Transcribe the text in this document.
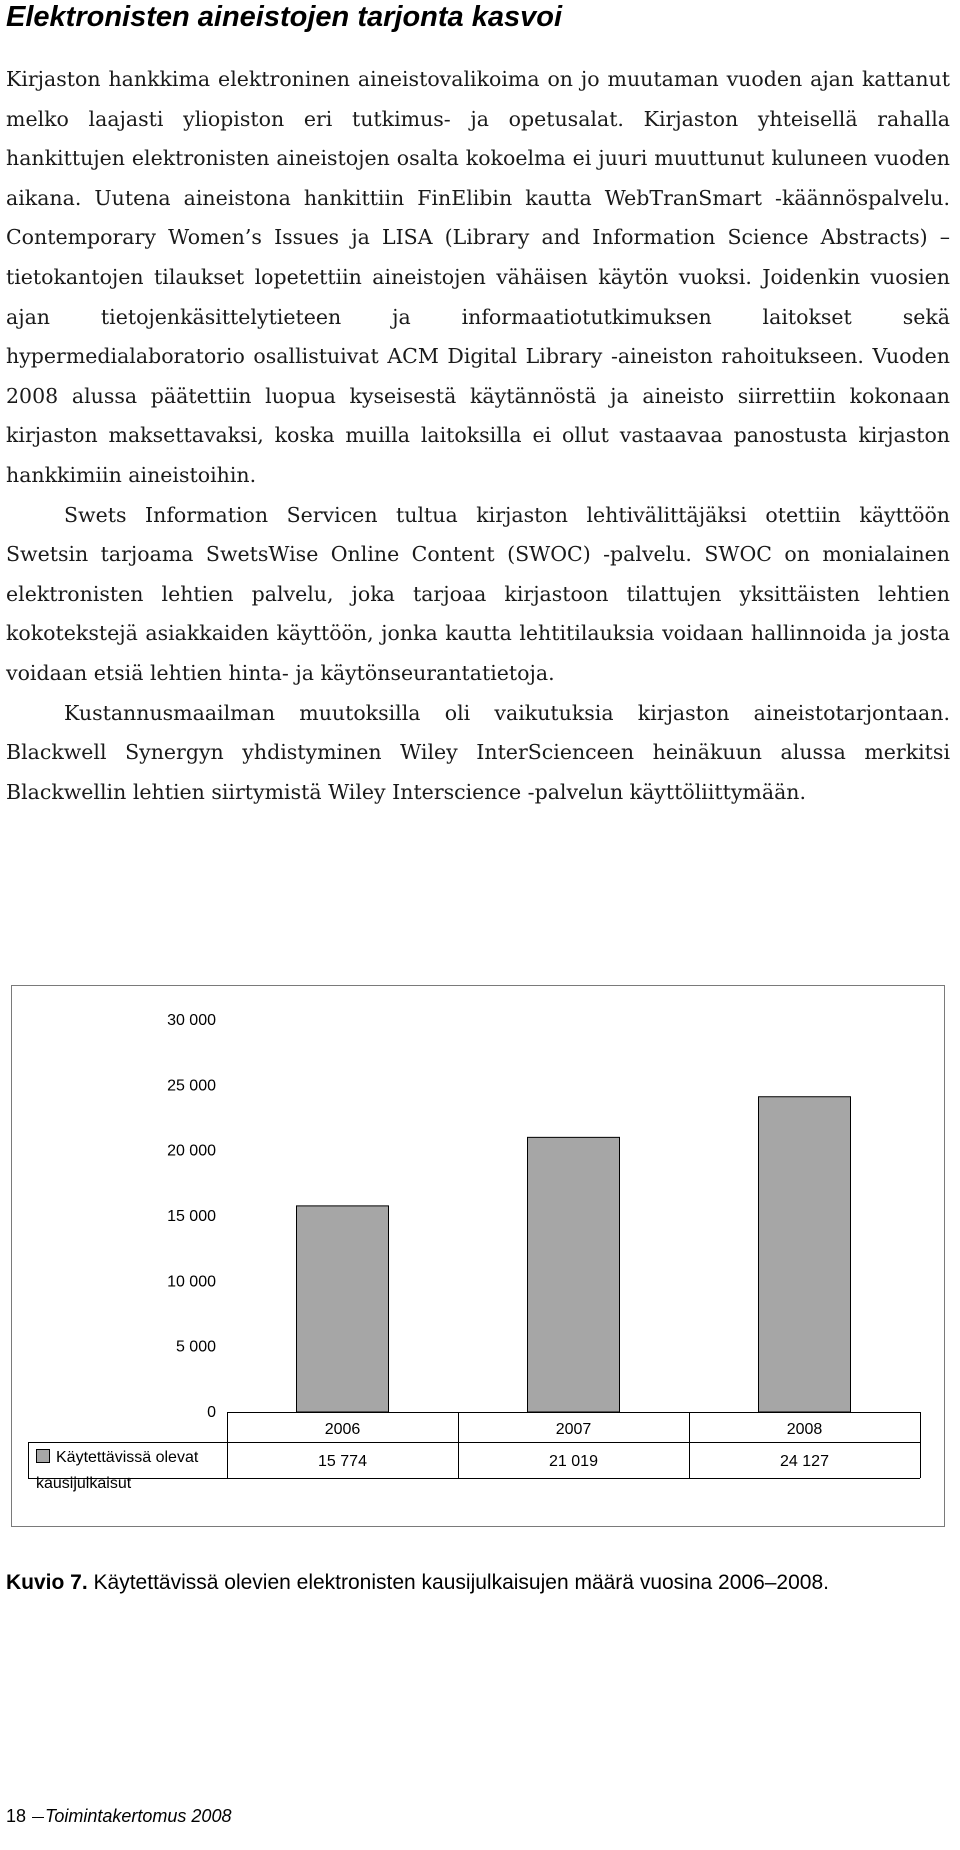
Elektronisten aineistojen tarjonta kasvoi

Kirjaston hankkima elektroninen aineistovalikoima on jo muutaman vuoden ajan kattanut melko laajasti yliopiston eri tutkimus- ja opetusalat. Kirjaston yhteisellä rahalla hankittujen elektronisten aineistojen osalta kokoelma ei juuri muuttunut kuluneen vuoden aikana. Uutena aineistona hankittiin FinElibin kautta WebTranSmart -käännöspalvelu. Contemporary Women’s Issues ja LISA (Library and Information Science Abstracts) – tietokantojen tilaukset lopetettiin aineistojen vähäisen käytön vuoksi. Joidenkin vuosien ajan tietojenkäsittelytieteen ja informaatiotutkimuksen laitokset sekä hypermedialaboratorio osallistuivat ACM Digital Library -aineiston rahoitukseen. Vuoden 2008 alussa päätettiin luopua kyseisestä käytännöstä ja aineisto siirrettiin kokonaan kirjaston maksettavaksi, koska muilla laitoksilla ei ollut vastaavaa panostusta kirjaston hankkimiin aineistoihin.

Swets Information Servicen tultua kirjaston lehtivälittäjäksi otettiin käyttöön Swetsin tarjoama SwetsWise Online Content (SWOC) -palvelu. SWOC on monialainen elektronisten lehtien palvelu, joka tarjoaa kirjastoon tilattujen yksittäisten lehtien kokotekstejä asiakkaiden käyttöön, jonka kautta lehtitilauksia voidaan hallinnoida ja josta voidaan etsiä lehtien hinta- ja käytönseurantatietoja.

Kustannusmaailman muutoksilla oli vaikutuksia kirjaston aineistotarjontaan. Blackwell Synergyn yhdistyminen Wiley InterScienceen heinäkuun alussa merkitsi Blackwellin lehtien siirtymistä Wiley Interscience -palvelun käyttöliittymään.

0
5 000
10 000
15 000
20 000
25 000
30 000
2006
15 774
2007
21 019
2008
24 127
Käytettävissä olevat kausijulkaisut
Kuvio 7. Käytettävissä olevien elektronisten kausijulkaisujen määrä vuosina 2006–2008.
18 Toimintakertomus 2008
